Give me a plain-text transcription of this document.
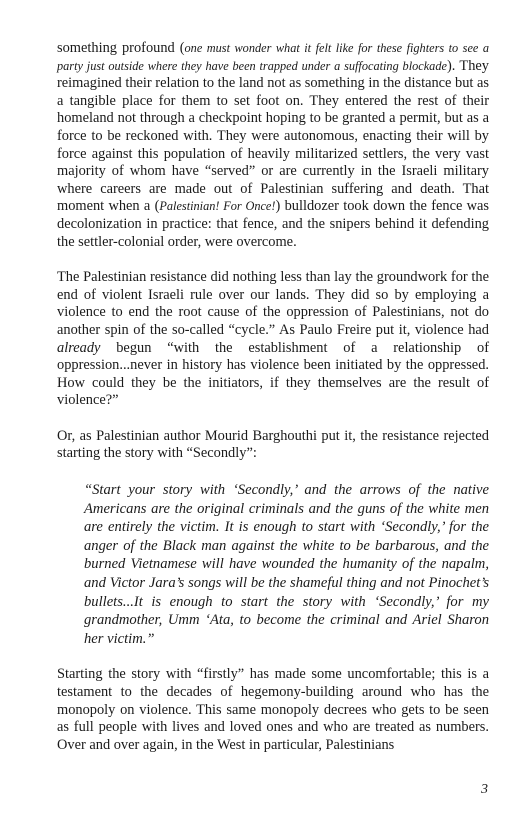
something profound (one must wonder what it felt like for these fighters to see a party just outside where they have been trapped under a suffocating blockade). They reimagined their relation to the land not as something in the distance but as a tangible place for them to set foot on. They entered the rest of their homeland not through a checkpoint hoping to be granted a permit, but as a force to be reckoned with. They were autonomous, enacting their will by force against this population of heavily militarized settlers, the very vast majority of whom have “served” or are currently in the Israeli military where careers are made out of Palestinian suffering and death. That moment when a (Palestinian! For Once!) bulldozer took down the fence was decolonization in practice: that fence, and the snipers behind it defending the settler-colonial order, were overcome.

The Palestinian resistance did nothing less than lay the groundwork for the end of violent Israeli rule over our lands. They did so by employing a violence to end the root cause of the oppression of Palestinians, not do another spin of the so-called “cycle.” As Paulo Freire put it, violence had already begun “with the establishment of a relationship of oppression...never in history has violence been initiated by the oppressed. How could they be the initiators, if they themselves are the result of violence?”

Or, as Palestinian author Mourid Barghouthi put it, the resistance rejected starting the story with “Secondly”:

“Start your story with ‘Secondly,’ and the arrows of the native Americans are the original criminals and the guns of the white men are entirely the victim. It is enough to start with ‘Secondly,’ for the anger of the Black man against the white to be barbarous, and the burned Vietnamese will have wounded the humanity of the napalm, and Victor Jara’s songs will be the shameful thing and not Pinochet’s bullets...It is enough to start the story with ‘Secondly,’ for my grandmother, Umm ‘Ata, to become the criminal and Ariel Sharon her victim.”

Starting the story with “firstly” has made some uncomfortable; this is a testament to the decades of hegemony-building around who has the monopoly on violence. This same monopoly decrees who gets to be seen as full people with lives and loved ones and who are treated as numbers. Over and over again, in the West in particular, Palestinians

3
